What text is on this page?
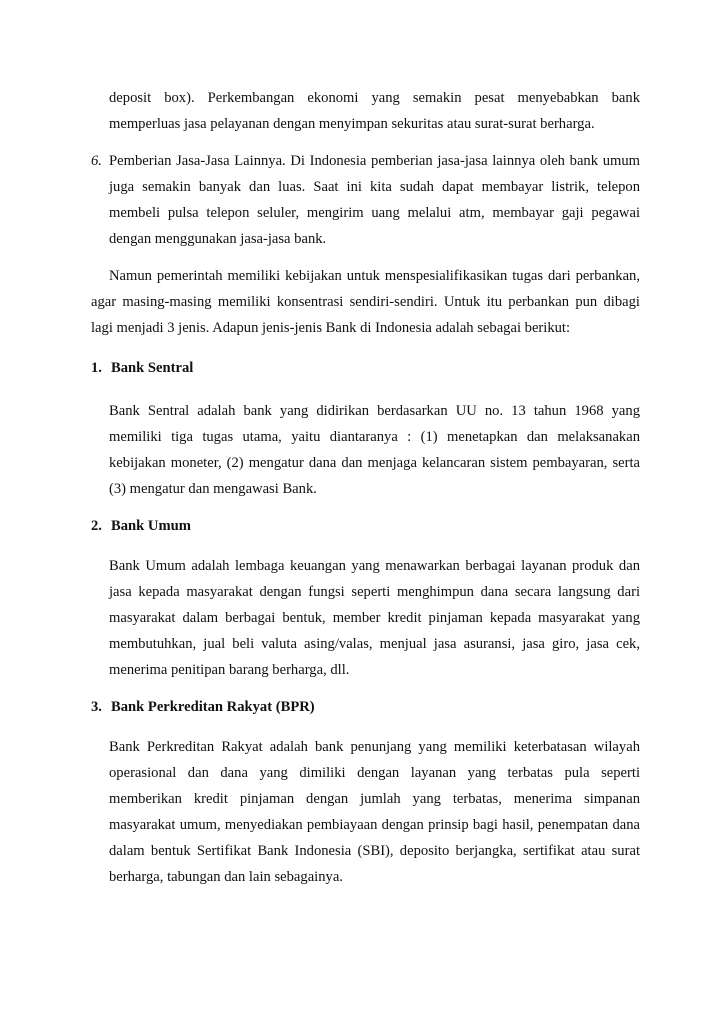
deposit box). Perkembangan ekonomi yang semakin pesat menyebabkan bank
memperluas jasa pelayanan dengan menyimpan sekuritas atau surat-surat berharga.
6. Pemberian Jasa-Jasa Lainnya. Di Indonesia pemberian jasa-jasa lainnya oleh bank umum
juga semakin banyak dan luas. Saat ini kita sudah dapat membayar listrik, telepon
membeli pulsa telepon seluler, mengirim uang melalui atm, membayar gaji pegawai
dengan menggunakan jasa-jasa bank.
Namun pemerintah memiliki kebijakan untuk menspesialifikasikan tugas dari perbankan,
agar masing-masing memiliki konsentrasi sendiri-sendiri. Untuk itu perbankan pun dibagi
lagi menjadi 3 jenis. Adapun jenis-jenis Bank di Indonesia adalah sebagai berikut:
1. Bank Sentral
Bank Sentral adalah bank yang didirikan berdasarkan UU no. 13 tahun 1968 yang
memiliki tiga tugas utama, yaitu diantaranya : (1) menetapkan dan melaksanakan
kebijakan moneter, (2) mengatur dana dan menjaga kelancaran sistem pembayaran, serta
(3) mengatur dan mengawasi Bank.
2. Bank Umum
Bank Umum adalah lembaga keuangan yang menawarkan berbagai layanan produk dan
jasa kepada masyarakat dengan fungsi seperti menghimpun dana secara langsung dari
masyarakat dalam berbagai bentuk, member kredit pinjaman kepada masyarakat yang
membutuhkan, jual beli valuta asing/valas, menjual jasa asuransi, jasa giro, jasa cek,
menerima penitipan barang berharga, dll.
3. Bank Perkreditan Rakyat (BPR)
Bank Perkreditan Rakyat adalah bank penunjang yang memiliki keterbatasan wilayah
operasional dan dana yang dimiliki dengan layanan yang terbatas pula seperti
memberikan kredit pinjaman dengan jumlah yang terbatas, menerima simpanan
masyarakat umum, menyediakan pembiayaan dengan prinsip bagi hasil, penempatan dana
dalam bentuk Sertifikat Bank Indonesia (SBI), deposito berjangka, sertifikat atau surat
berharga, tabungan dan lain sebagainya.
